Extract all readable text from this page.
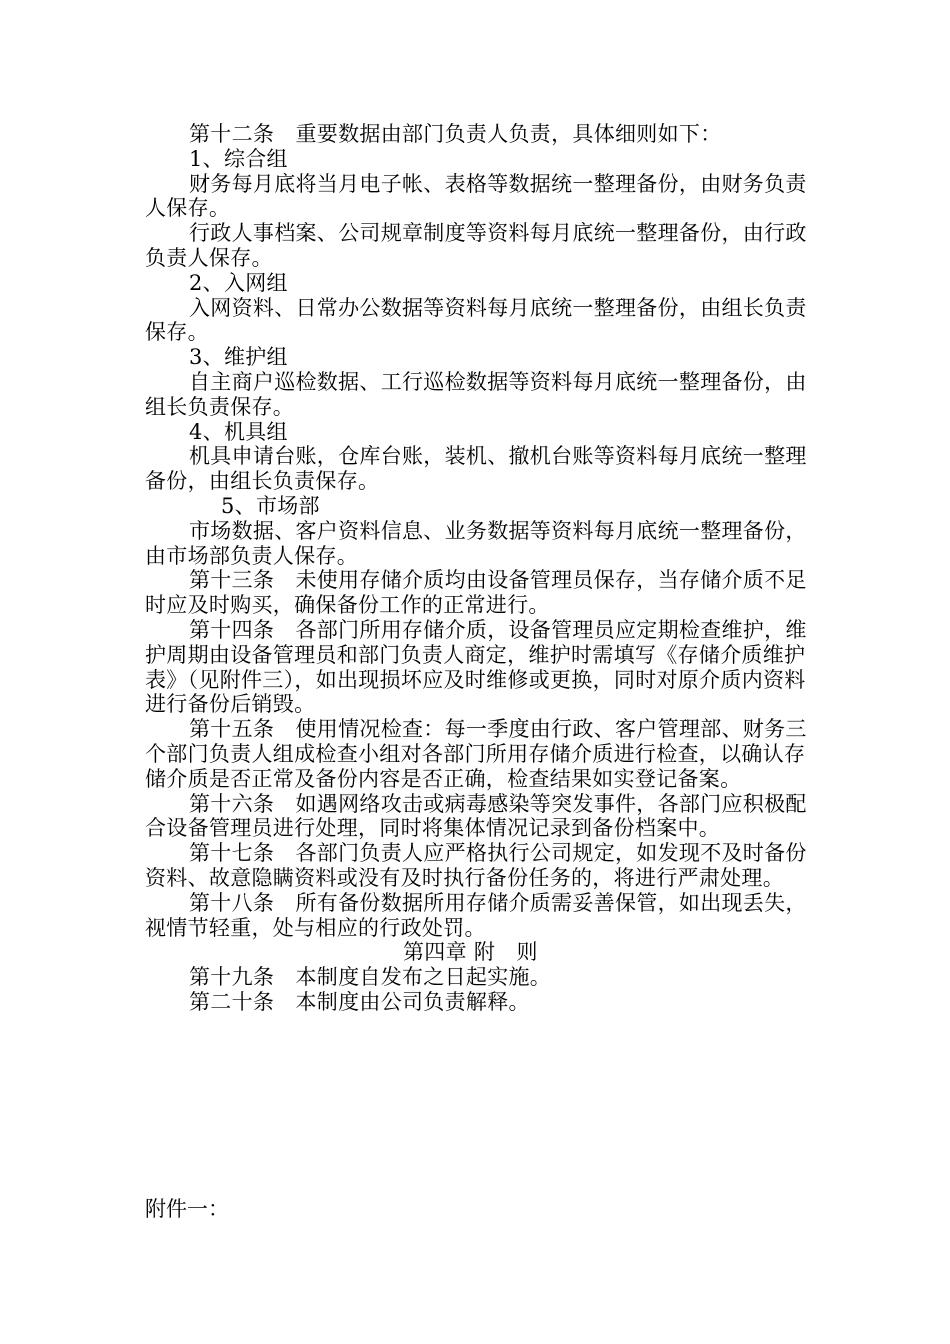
第十二条　重要数据由部门负责人负责，具体细则如下：

1、综合组

财务每月底将当月电子帐、表格等数据统一整理备份，由财务负责人保存。

行政人事档案、公司规章制度等资料每月底统一整理备份，由行政负责人保存。

2、入网组

入网资料、日常办公数据等资料每月底统一整理备份，由组长负责保存。

3、维护组

自主商户巡检数据、工行巡检数据等资料每月底统一整理备份，由组长负责保存。

4、机具组

机具申请台账，仓库台账，装机、撤机台账等资料每月底统一整理备份，由组长负责保存。

5、市场部

市场数据、客户资料信息、业务数据等资料每月底统一整理备份，由市场部负责人保存。

第十三条　未使用存储介质均由设备管理员保存，当存储介质不足时应及时购买，确保备份工作的正常进行。

第十四条　各部门所用存储介质，设备管理员应定期检查维护，维护周期由设备管理员和部门负责人商定，维护时需填写《存储介质维护表》（见附件三），如出现损坏应及时维修或更换，同时对原介质内资料进行备份后销毁。

第十五条　使用情况检查：每一季度由行政、客户管理部、财务三个部门负责人组成检查小组对各部门所用存储介质进行检查，以确认存储介质是否正常及备份内容是否正确，检查结果如实登记备案。

第十六条　如遇网络攻击或病毒感染等突发事件，各部门应积极配合设备管理员进行处理，同时将集体情况记录到备份档案中。

第十七条　各部门负责人应严格执行公司规定，如发现不及时备份资料、故意隐瞒资料或没有及时执行备份任务的，将进行严肃处理。

第十八条　所有备份数据所用存储介质需妥善保管，如出现丢失，视情节轻重，处与相应的行政处罚。

第四章 附　则

第十九条　本制度自发布之日起实施。

第二十条　本制度由公司负责解释。

附件一：
